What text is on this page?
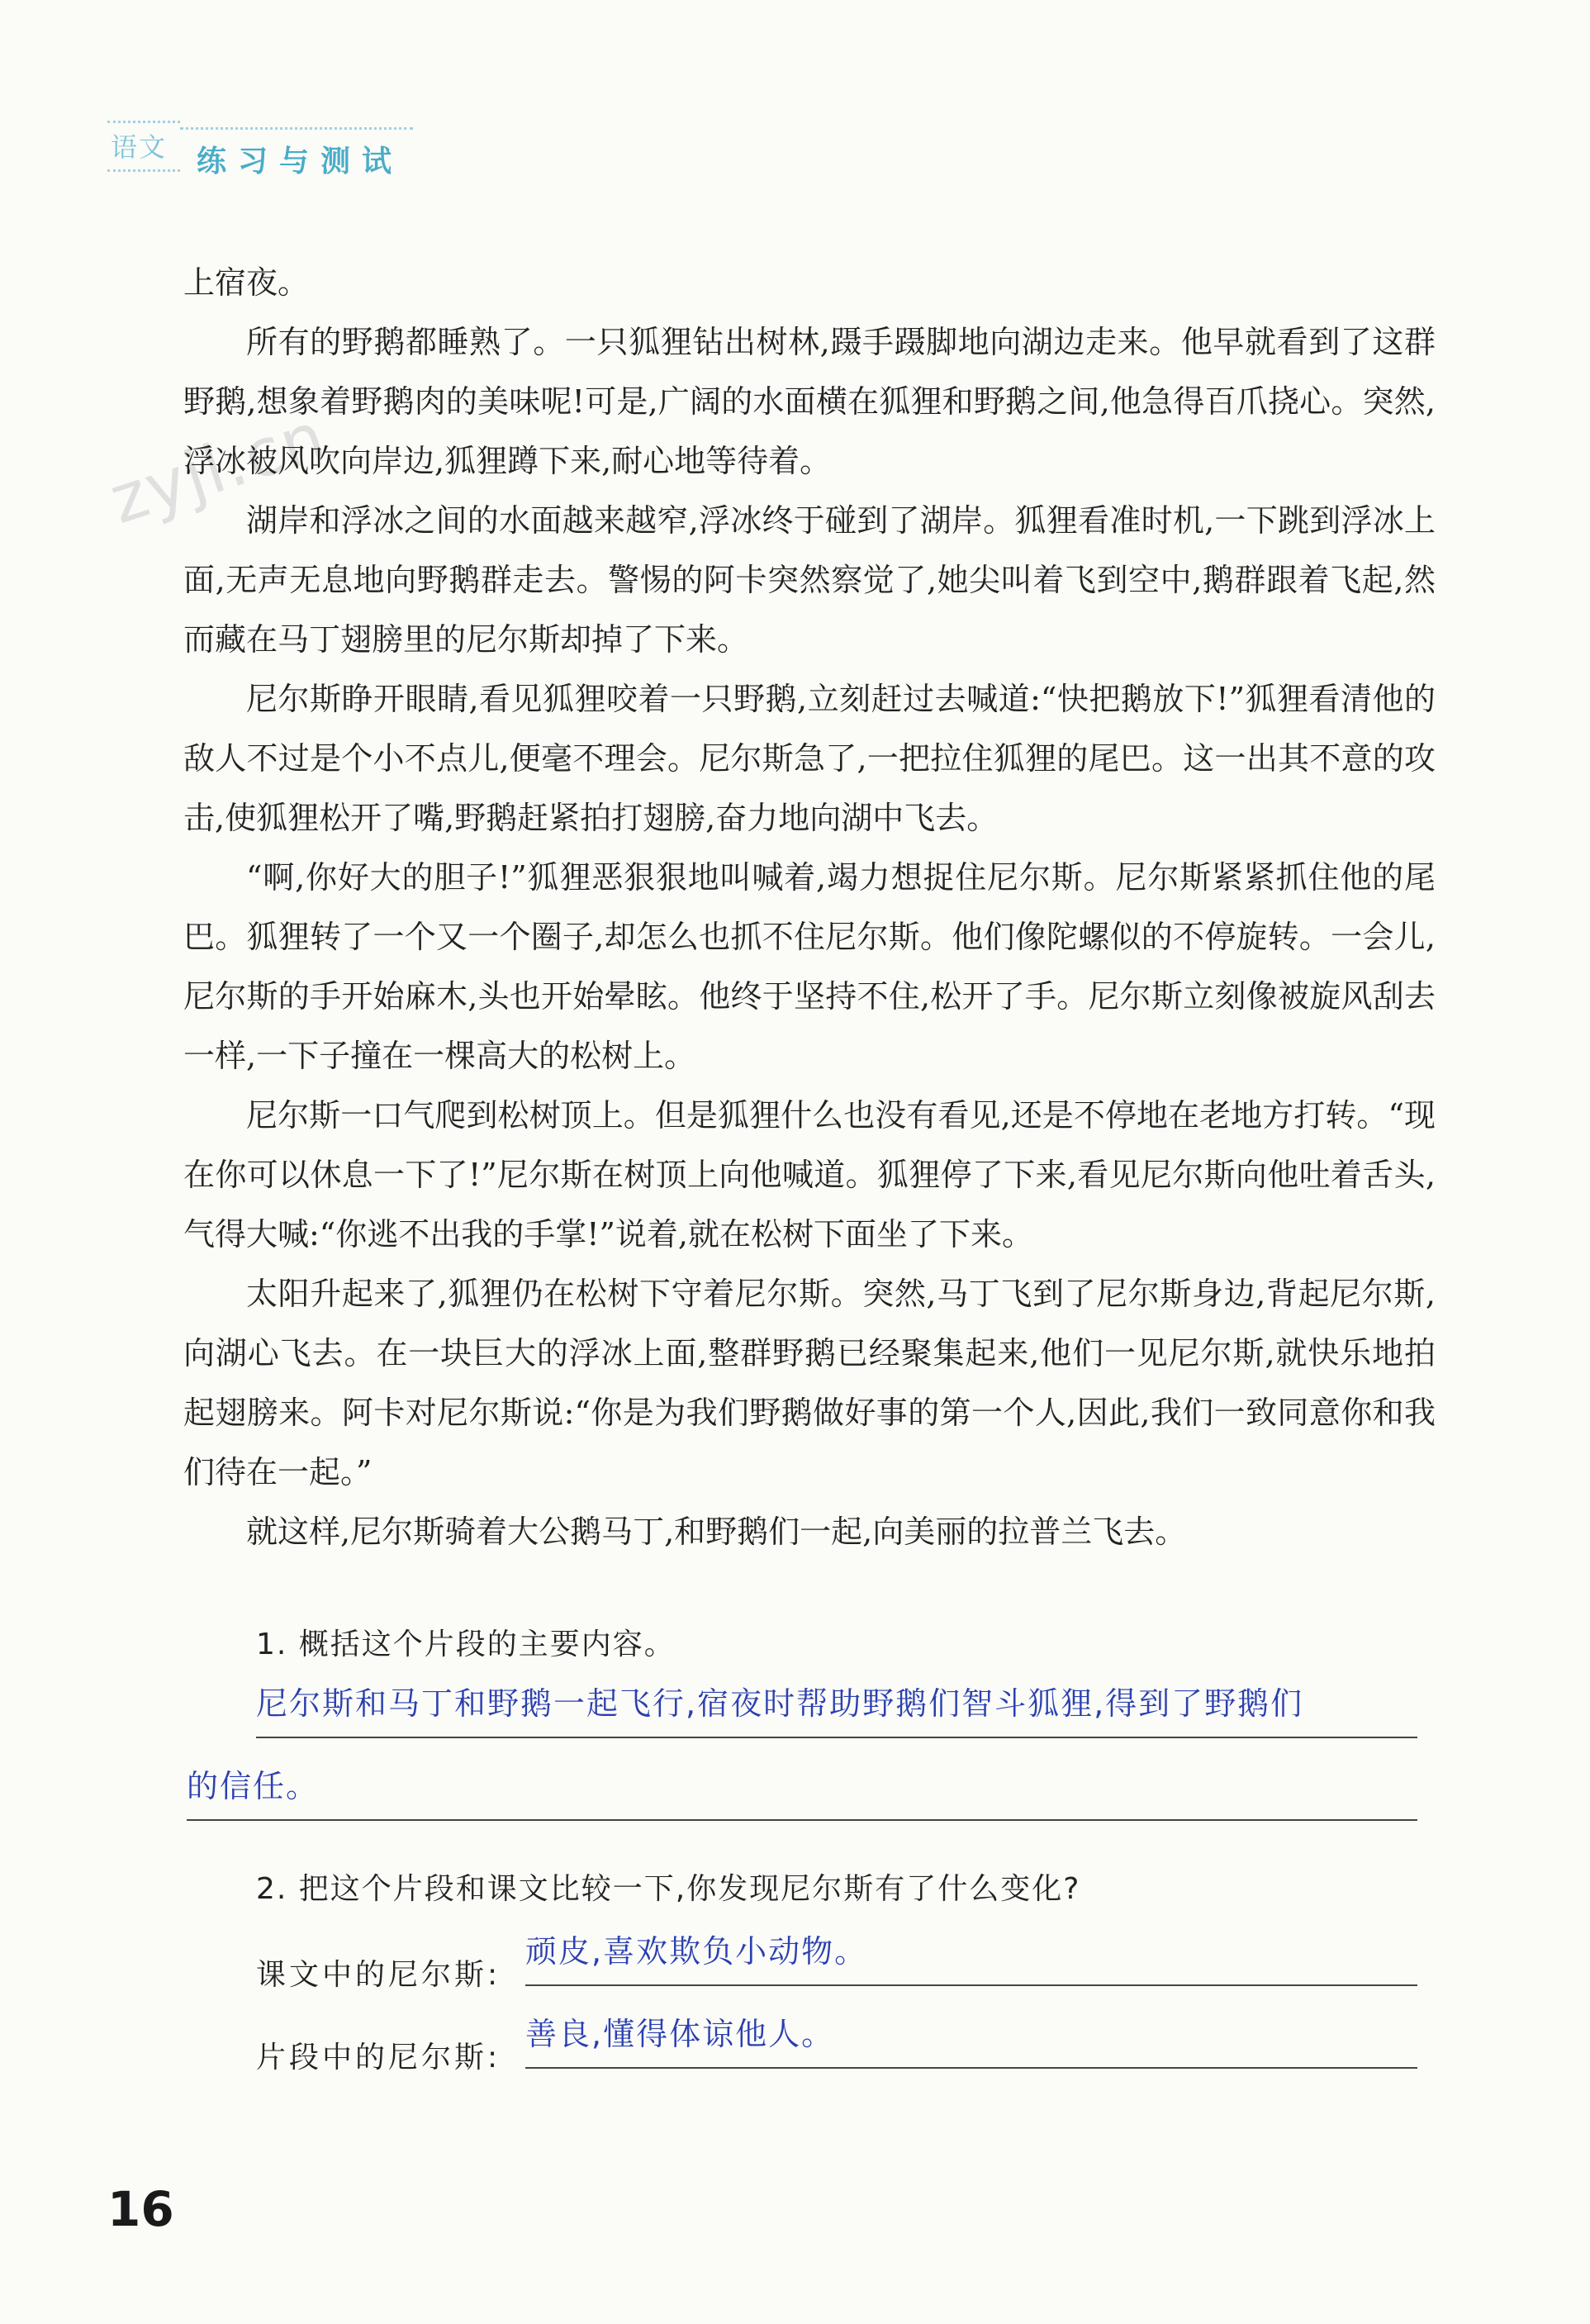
语文	练习与测试
zyjl.cn

上宿夜。

所有的野鹅都睡熟了。一只狐狸钻出树林,蹑手蹑脚地向湖边走来。他早就看到了这群野鹅,想象着野鹅肉的美味呢!可是,广阔的水面横在狐狸和野鹅之间,他急得百爪挠心。突然,浮冰被风吹向岸边,狐狸蹲下来,耐心地等待着。

湖岸和浮冰之间的水面越来越窄,浮冰终于碰到了湖岸。狐狸看准时机,一下跳到浮冰上面,无声无息地向野鹅群走去。警惕的阿卡突然察觉了,她尖叫着飞到空中,鹅群跟着飞起,然而藏在马丁翅膀里的尼尔斯却掉了下来。

尼尔斯睁开眼睛,看见狐狸咬着一只野鹅,立刻赶过去喊道:“快把鹅放下!”狐狸看清他的敌人不过是个小不点儿,便毫不理会。尼尔斯急了,一把拉住狐狸的尾巴。这一出其不意的攻击,使狐狸松开了嘴,野鹅赶紧拍打翅膀,奋力地向湖中飞去。

“啊,你好大的胆子!”狐狸恶狠狠地叫喊着,竭力想捉住尼尔斯。尼尔斯紧紧抓住他的尾巴。狐狸转了一个又一个圈子,却怎么也抓不住尼尔斯。他们像陀螺似的不停旋转。一会儿,尼尔斯的手开始麻木,头也开始晕眩。他终于坚持不住,松开了手。尼尔斯立刻像被旋风刮去一样,一下子撞在一棵高大的松树上。

尼尔斯一口气爬到松树顶上。但是狐狸什么也没有看见,还是不停地在老地方打转。“现在你可以休息一下了!”尼尔斯在树顶上向他喊道。狐狸停了下来,看见尼尔斯向他吐着舌头,气得大喊:“你逃不出我的手掌!”说着,就在松树下面坐了下来。

太阳升起来了,狐狸仍在松树下守着尼尔斯。突然,马丁飞到了尼尔斯身边,背起尼尔斯,向湖心飞去。在一块巨大的浮冰上面,整群野鹅已经聚集起来,他们一见尼尔斯,就快乐地拍起翅膀来。阿卡对尼尔斯说:“你是为我们野鹅做好事的第一个人,因此,我们一致同意你和我们待在一起。”

就这样,尼尔斯骑着大公鹅马丁,和野鹅们一起,向美丽的拉普兰飞去。

1. 概括这个片段的主要内容。
尼尔斯和马丁和野鹅一起飞行,宿夜时帮助野鹅们智斗狐狸,得到了野鹅们
的信任。
2. 把这个片段和课文比较一下,你发现尼尔斯有了什么变化?
课文中的尼尔斯:
顽皮,喜欢欺负小动物。
片段中的尼尔斯:
善良,懂得体谅他人。
16
